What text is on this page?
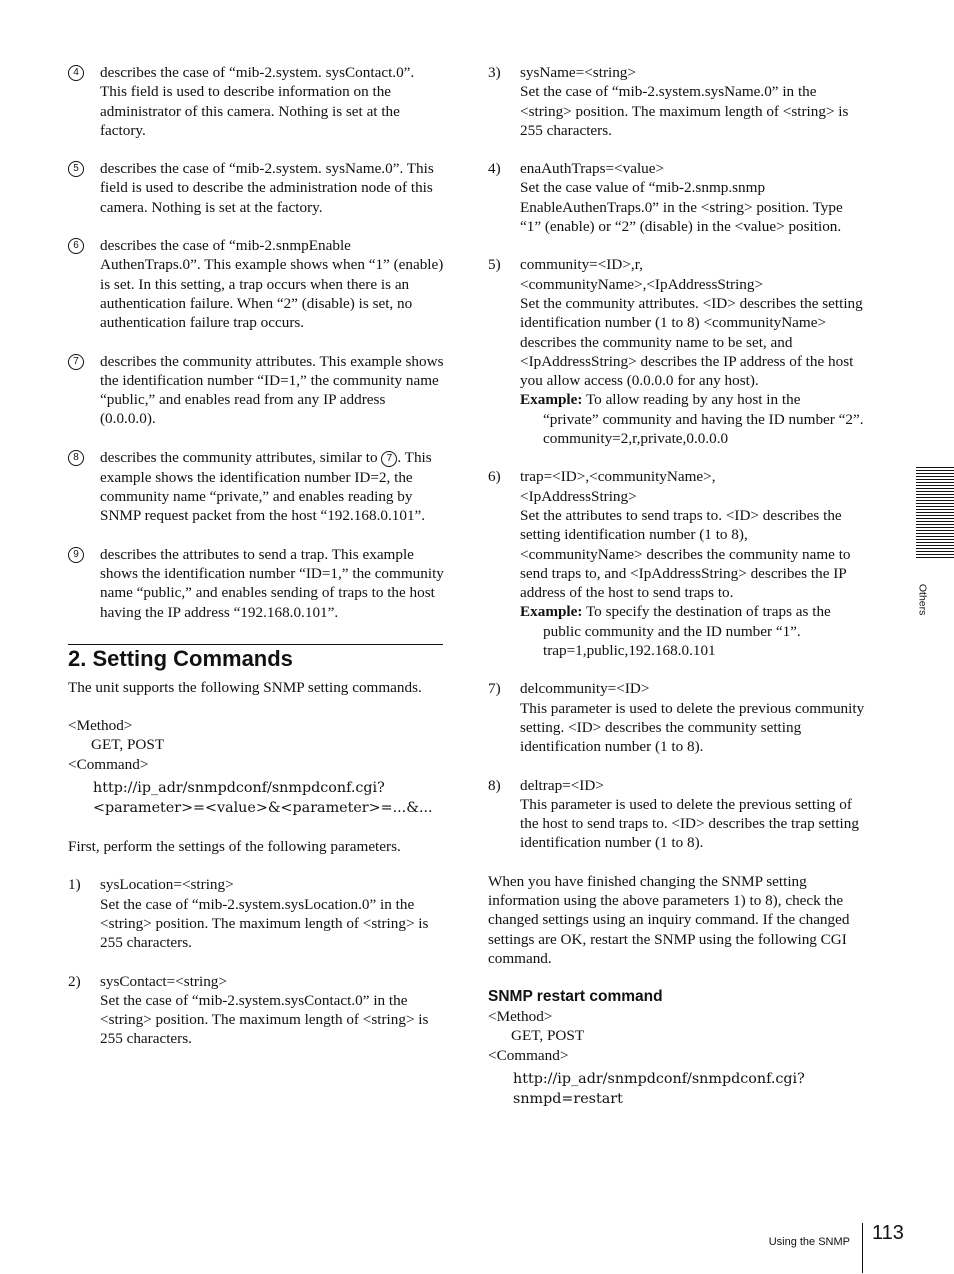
4	describes the case of “mib-2.system. sysContact.0”. This field is used to describe information on the administrator of this camera. Nothing is set at the factory.

5	describes the case of “mib-2.system. sysName.0”. This field is used to describe the administration node of this camera. Nothing is set at the factory.

6	describes the case of “mib-2.snmpEnable AuthenTraps.0”. This example shows when “1” (enable) is set. In this setting, a trap occurs when there is an authentication failure. When “2” (disable) is set, no authentication failure trap occurs.

7	describes the community attributes. This example shows the identification number “ID=1,” the community name “public,” and enables read from any IP address (0.0.0.0).

8	describes the community attributes, similar to 7 . This example shows the identification number ID=2, the community name “private,” and enables reading by SNMP request packet from the host “192.168.0.101”.

9	describes the attributes to send a trap. This example shows the identification number “ID=1,” the community name “public,” and enables sending of traps to the host having the IP address “192.168.0.101”.

2. Setting Commands

The unit supports the following SNMP setting commands.

<Method>

GET, POST

<Command>

http://ip_adr/snmpdconf/snmpdconf.cgi?

<parameter>=<value>&<parameter>=...&...

First, perform the settings of the following parameters.

1) sysLocation=<string>

Set the case of “mib-2.system.sysLocation.0” in the <string> position. The maximum length of <string> is 255 characters.

2) sysContact=<string>

Set the case of “mib-2.system.sysContact.0” in the <string> position. The maximum length of <string> is 255 characters.

3) sysName=<string>

Set the case of “mib-2.system.sysName.0” in the <string> position. The maximum length of <string> is 255 characters.

4) enaAuthTraps=<value>

Set the case value of “mib-2.snmp.snmp EnableAuthenTraps.0” in the <string> position. Type “1” (enable) or “2” (disable) in the <value> position.

5) community=<ID>,r,

<communityName>,<IpAddressString>

Set the community attributes. <ID> describes the setting identification number (1 to 8) <communityName> describes the community name to be set, and <IpAddressString> describes the IP address of the host you allow access (0.0.0.0 for any host).

Example: To allow reading by any host in the

“private” community and having the ID number “2”.

community=2,r,private,0.0.0.0

6) trap=<ID>,<communityName>,

<IpAddressString>

Set the attributes to send traps to. <ID> describes the setting identification number (1 to 8), <communityName> describes the community name to send traps to, and <IpAddressString> describes the IP address of the host to send traps to.

Example: To specify the destination of traps as the

public community and the ID number “1”.

trap=1,public,192.168.0.101

7) delcommunity=<ID>

This parameter is used to delete the previous community setting. <ID> describes the community setting identification number (1 to 8).

8) deltrap=<ID>

This parameter is used to delete the previous setting of the host to send traps to. <ID> describes the trap setting identification number (1 to 8).

When you have finished changing the SNMP setting information using the above parameters 1) to 8), check the changed settings using an inquiry command. If the changed settings are OK, restart the SNMP using the following CGI command.

SNMP restart command

<Method>

GET, POST

<Command>

http://ip_adr/snmpdconf/snmpdconf.cgi?

snmpd=restart

Others
Using the SNMP 113
